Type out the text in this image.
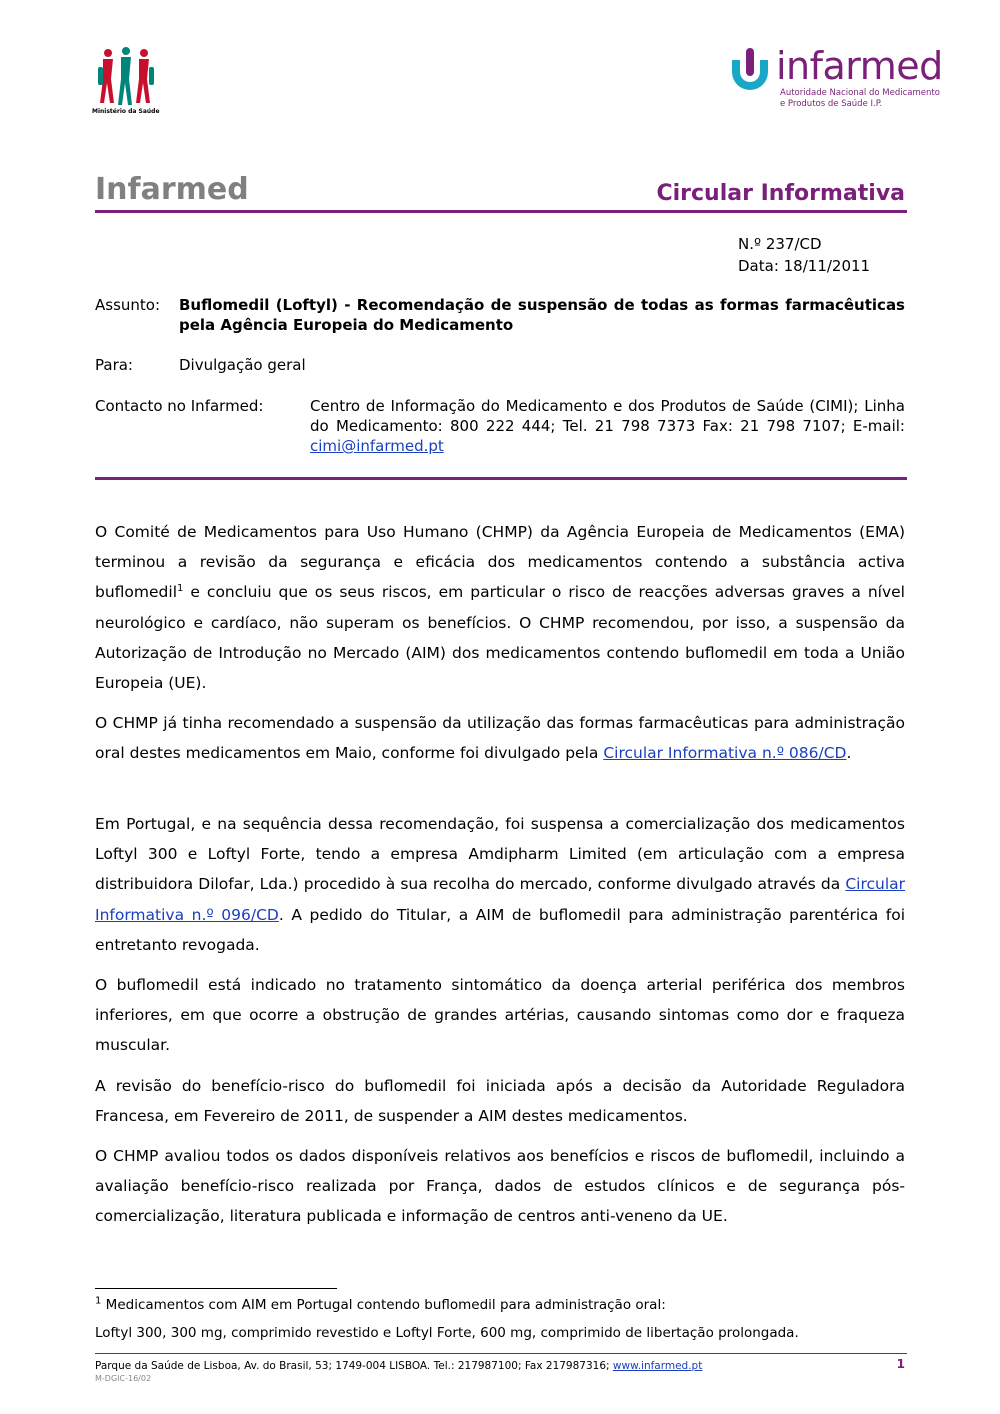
Ministério da Saúde
infarmed
Autoridade Nacional do Medicamento
e Produtos de Saúde I.P.
Infarmed	Circular Informativa
N.º 237/CD
Data: 18/11/2011
Assunto: Buflomedil (Loftyl) - Recomendação de suspensão de todas as formas farmacêuticas pela Agência Europeia do Medicamento
Para:	Divulgação geral
Contacto no Infarmed:	Centro de Informação do Medicamento e dos Produtos de Saúde (CIMI); Linha do Medicamento: 800 222 444; Tel. 21 798 7373 Fax: 21 798 7107; E-mail: cimi@infarmed.pt
O Comité de Medicamentos para Uso Humano (CHMP) da Agência Europeia de Medicamentos (EMA) terminou a revisão da segurança e eficácia dos medicamentos contendo a substância activa buflomedil$^1$ e concluiu que os seus riscos, em particular o risco de reacções adversas graves a nível neurológico e cardíaco, não superam os benefícios. O CHMP recomendou, por isso, a suspensão da Autorização de Introdução no Mercado (AIM) dos medicamentos contendo buflomedil em toda a União Europeia (UE).
O CHMP já tinha recomendado a suspensão da utilização das formas farmacêuticas para administração oral destes medicamentos em Maio, conforme foi divulgado pela Circular Informativa n.º 086/CD.
Em Portugal, e na sequência dessa recomendação, foi suspensa a comercialização dos medicamentos Loftyl 300 e Loftyl Forte, tendo a empresa Amdipharm Limited (em articulação com a empresa distribuidora Dilofar, Lda.) procedido à sua recolha do mercado, conforme divulgado através da Circular Informativa n.º 096/CD. A pedido do Titular, a AIM de buflomedil para administração parentérica foi entretanto revogada.
O buflomedil está indicado no tratamento sintomático da doença arterial periférica dos membros inferiores, em que ocorre a obstrução de grandes artérias, causando sintomas como dor e fraqueza muscular.
A revisão do benefício-risco do buflomedil foi iniciada após a decisão da Autoridade Reguladora Francesa, em Fevereiro de 2011, de suspender a AIM destes medicamentos.
O CHMP avaliou todos os dados disponíveis relativos aos benefícios e riscos de buflomedil, incluindo a avaliação benefício-risco realizada por França, dados de estudos clínicos e de segurança pós-comercialização, literatura publicada e informação de centros anti-veneno da UE.
$^1$ Medicamentos com AIM em Portugal contendo buflomedil para administração oral:
Loftyl 300, 300 mg, comprimido revestido e Loftyl Forte, 600 mg, comprimido de libertação prolongada.
Parque da Saúde de Lisboa, Av. do Brasil, 53; 1749-004 LISBOA. Tel.: 217987100; Fax 217987316; www.infarmed.pt
M-DGIC-16/02
1
